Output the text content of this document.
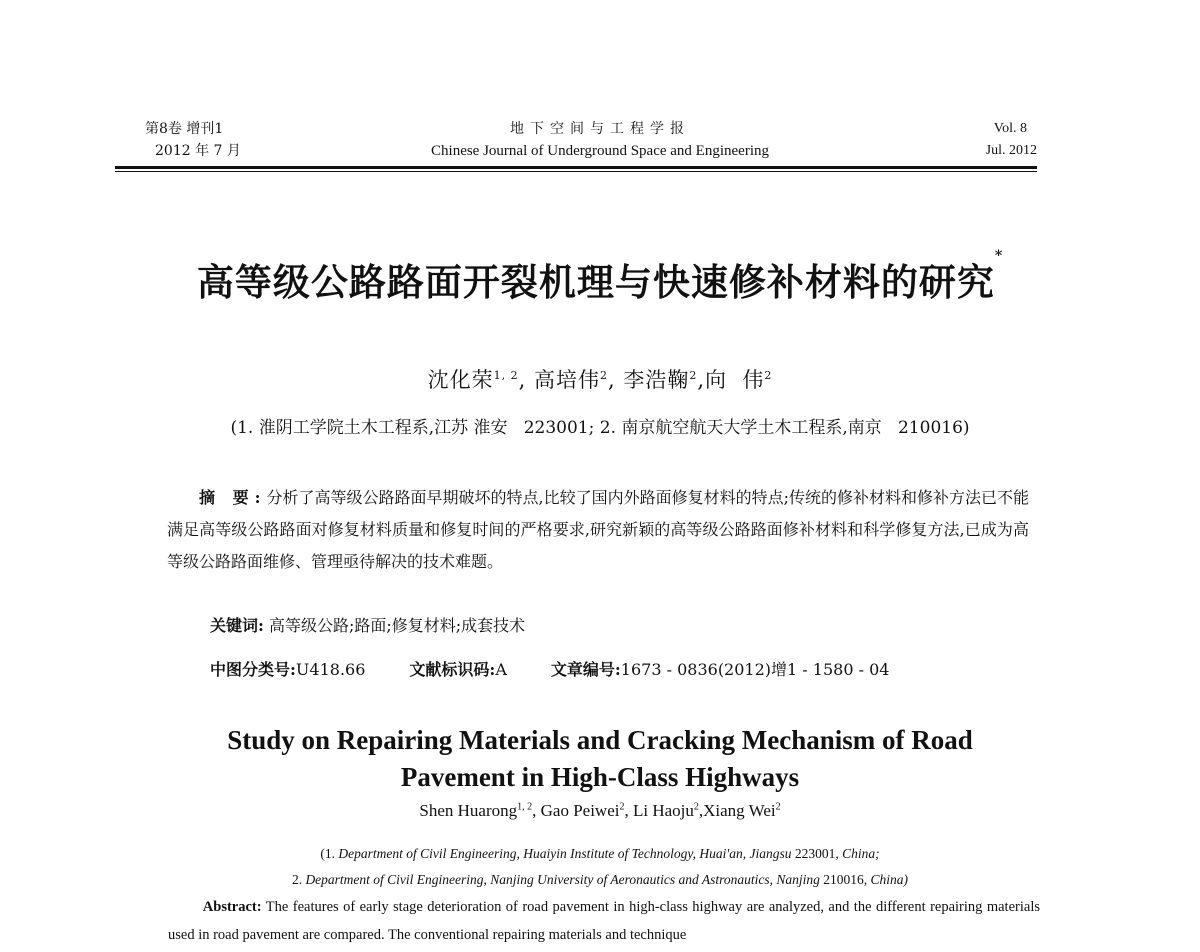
第8卷 增刊1
2012 年 7 月
地下空间与工程学报
Chinese Journal of Underground Space and Engineering
Vol. 8
Jul. 2012
高等级公路路面开裂机理与快速修补材料的研究*
沈化荣$^{1, 2}$, 高培伟$^2$, 李浩鞠$^2$,向  伟$^2$
(1. 淮阴工学院土木工程系,江苏 淮安   223001; 2. 南京航空航天大学土木工程系,南京   210016)
摘 要:分析了高等级公路路面早期破坏的特点,比较了国内外路面修复材料的特点;传统的修补材料和修补方法已不能满足高等级公路路面对修复材料质量和修复时间的严格要求,研究新颖的高等级公路路面修补材料和科学修复方法,已成为高等级公路路面维修、管理亟待解决的技术难题。
关键词: 高等级公路;路面;修复材料;成套技术
中图分类号:U418.66	文献标识码:A	文章编号:1673 - 0836(2012)增1 - 1580 - 04
Study on Repairing Materials and Cracking Mechanism of Road
Pavement in High-Class Highways
Shen Huarong$^{1, 2}$, Gao Peiwei$^2$, Li Haoju$^2$,Xiang Wei$^2$
(1. Department of Civil Engineering, Huaiyin Institute of Technology, Huai'an, Jiangsu 223001, China;
2. Department of Civil Engineering, Nanjing University of Aeronautics and Astronautics, Nanjing 210016, China)
Abstract: The features of early stage deterioration of road pavement in high-class highway are analyzed, and the different repairing materials used in road pavement are compared. The conventional repairing materials and technique
